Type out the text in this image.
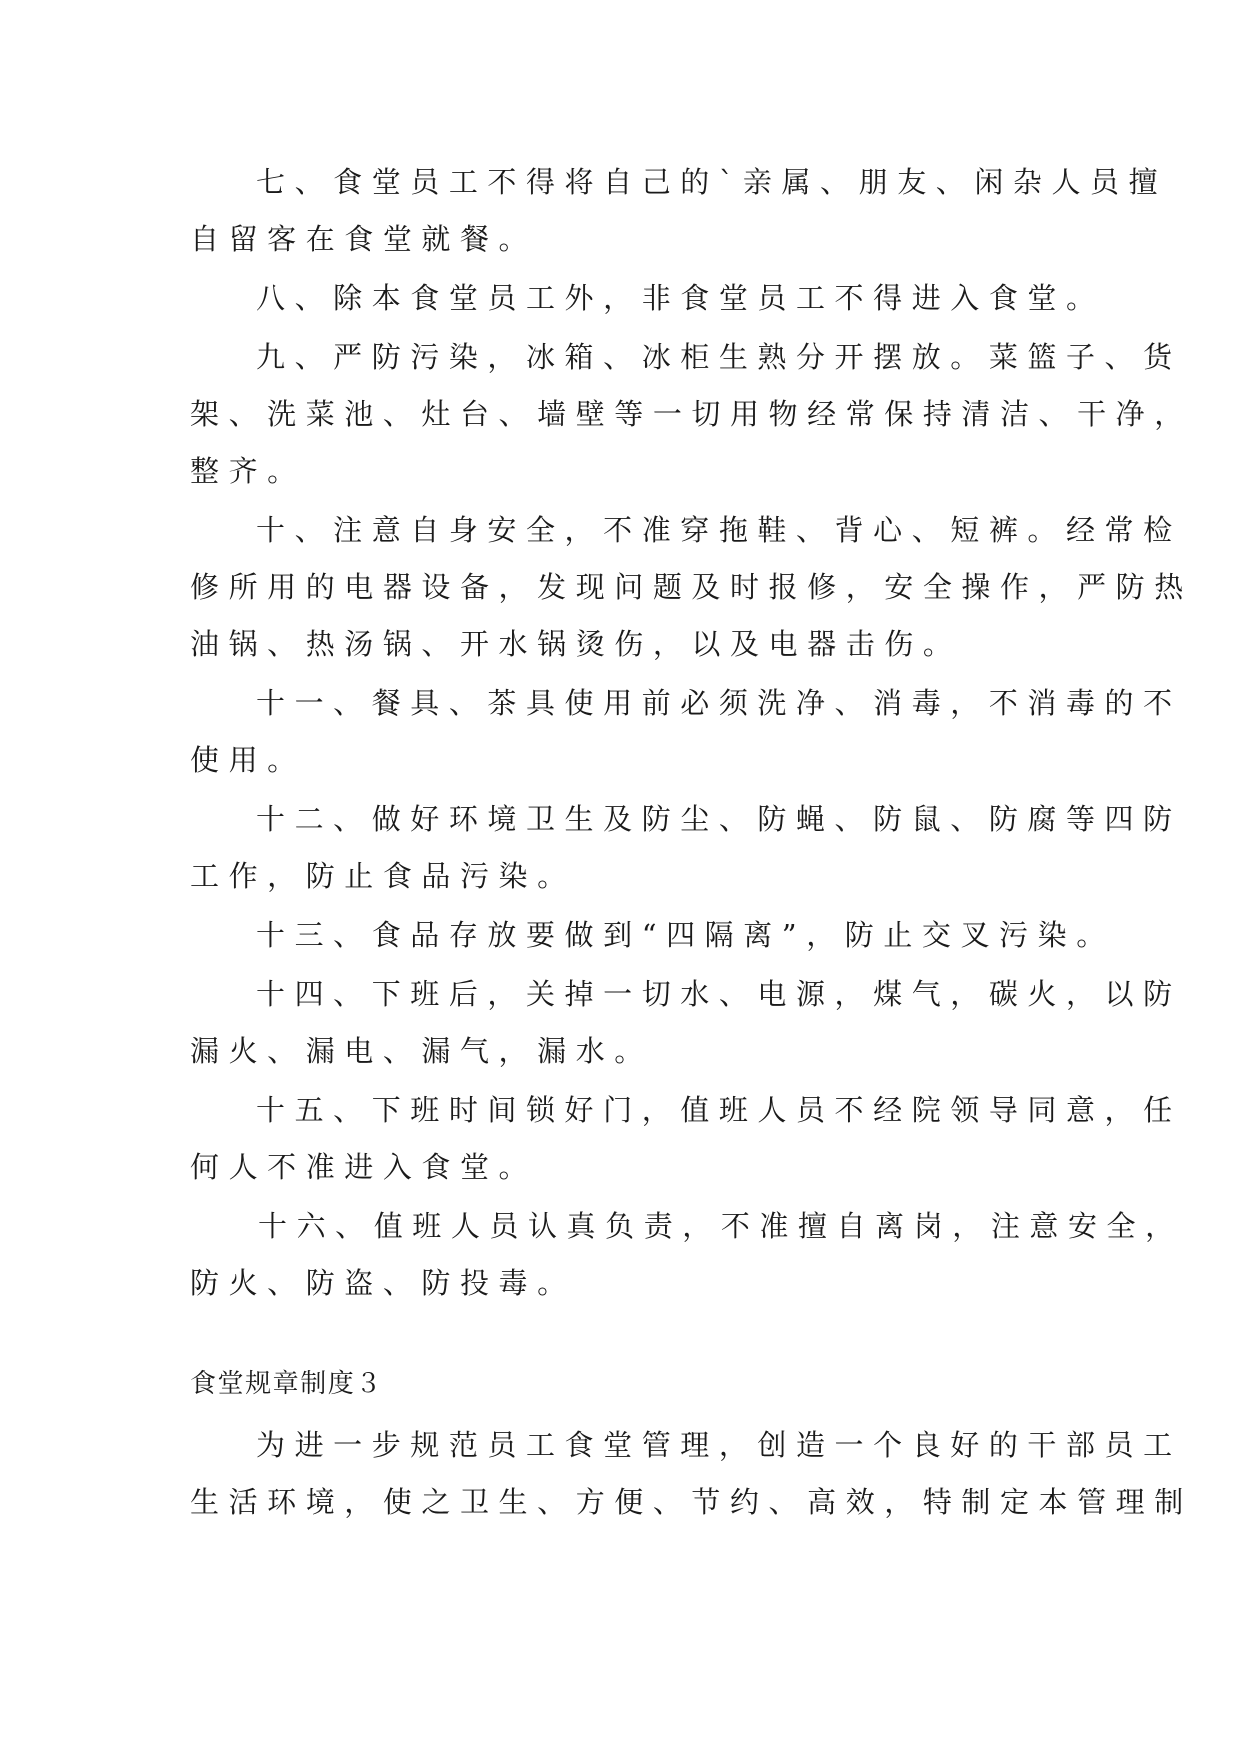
七、食堂员工不得将自己的`亲属、朋友、闲杂人员擅
自留客在食堂就餐。
八、除本食堂员工外，非食堂员工不得进入食堂。
九、严防污染，冰箱、冰柜生熟分开摆放。菜篮子、货
架、洗菜池、灶台、墙壁等一切用物经常保持清洁、干净，
整齐。
十、注意自身安全，不准穿拖鞋、背心、短裤。经常检
修所用的电器设备，发现问题及时报修，安全操作，严防热
油锅、热汤锅、开水锅烫伤，以及电器击伤。
十一、餐具、茶具使用前必须洗净、消毒，不消毒的不
使用。
十二、做好环境卫生及防尘、防蝇、防鼠、防腐等四防
工作，防止食品污染。
十三、食品存放要做到“四隔离”，防止交叉污染。
十四、下班后，关掉一切水、电源，煤气，碳火，以防
漏火、漏电、漏气，漏水。
十五、下班时间锁好门，值班人员不经院领导同意，任
何人不准进入食堂。
十六、值班人员认真负责，不准擅自离岗，注意安全，
防火、防盗、防投毒。
食堂规章制度３
为进一步规范员工食堂管理，创造一个良好的干部员工
生活环境，使之卫生、方便、节约、高效，特制定本管理制
